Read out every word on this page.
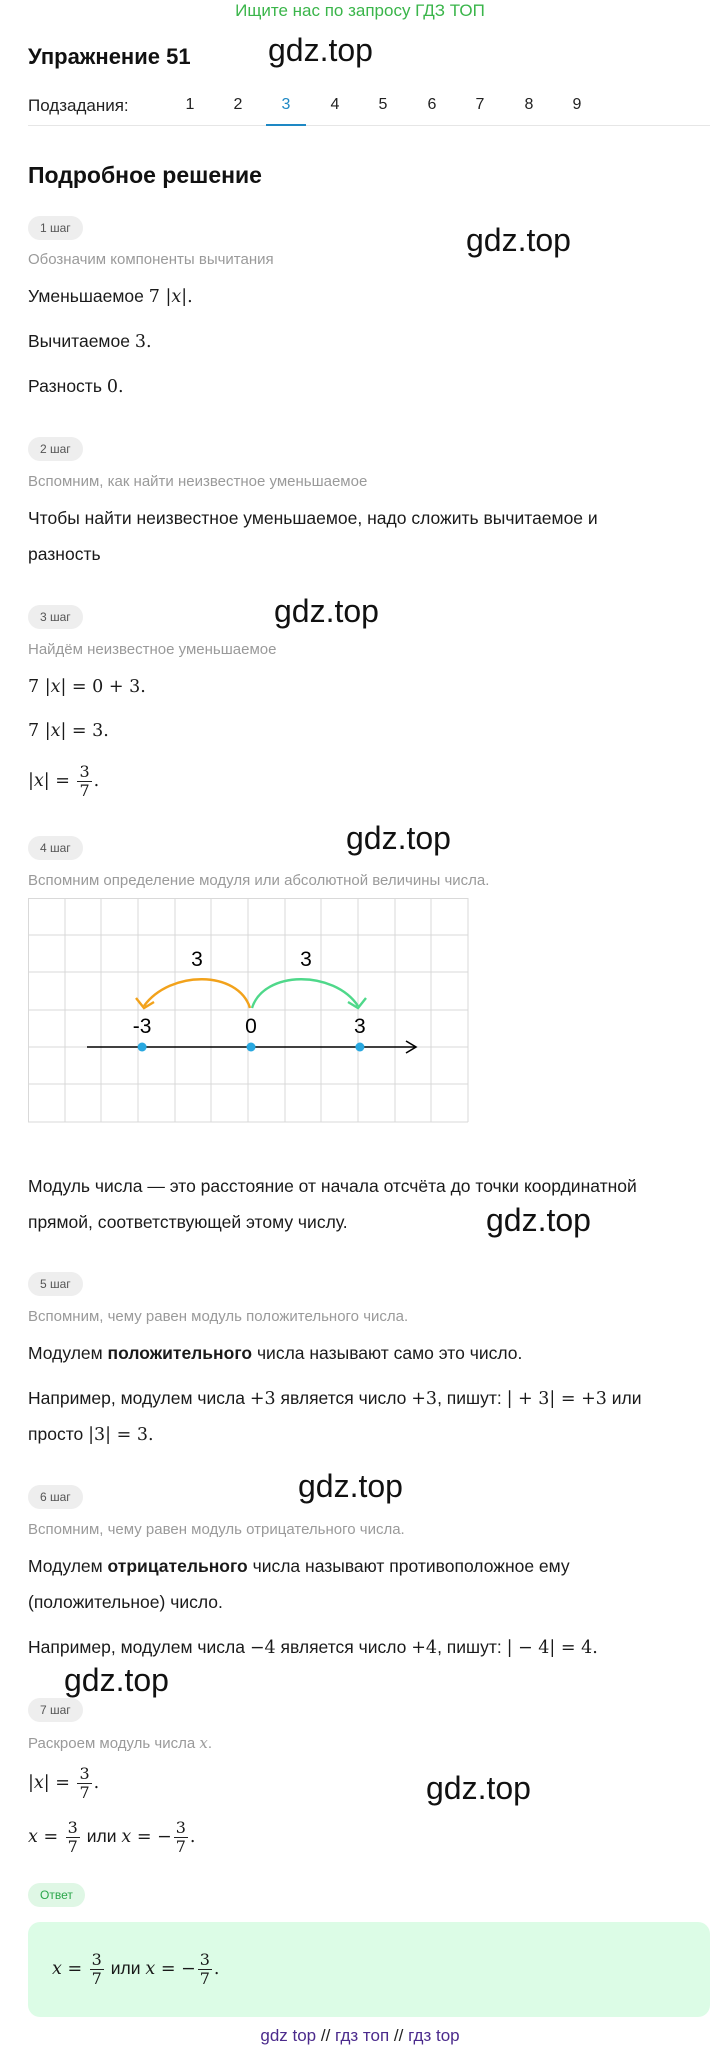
Ищите нас по запросу ГДЗ ТОП
Упражнение 51 gdz.top
Подзадания:	1	2	3	4	5	6	7	8	9
Подробное решение
1 шаг
Обозначим компоненты вычитания
gdz.top
Уменьшаемое 7 |x|.
Вычитаемое 3.
Разность 0.
2 шаг
Вспомним, как найти неизвестное уменьшаемое
Чтобы найти неизвестное уменьшаемое, надо сложить вычитаемое и
разность
3 шаг	gdz.top
Найдём неизвестное уменьшаемое
7 |x| = 0 + 3.
7 |x| = 3.
$|x| = \frac{3}{7}$ .
4 шаг	gdz.top
Вспомним определение модуля или абсолютной величины числа.
-3	0	3
3	3
Модуль числа — это расстояние от начала отсчёта до точки координатной
прямой, соответствующей этому числу.	gdz.top
5 шаг
Вспомним, чему равен модуль положительного числа.
Модулем положительного числа называют само это число.
Например, модулем числа +3 является число +3, пишут: | + 3| = +3 или
просто |3| = 3.
6 шаг	gdz.top
Вспомним, чему равен модуль отрицательного числа.
Модулем отрицательного числа называют противоположное ему
(положительное) число.
Например, модулем числа −4 является число +4, пишут: | − 4| = 4.
gdz.top
7 шаг
Раскроем модуль числа x.
$|x| = \frac{3}{7}$ .	gdz.top
$x = \frac{3}{7}$ или x = − $\frac{3}{7}$ .
Ответ
$x = \frac{3}{7}$ или x = − $\frac{3}{7}$ .
gdz top // гдз топ // гдз top
